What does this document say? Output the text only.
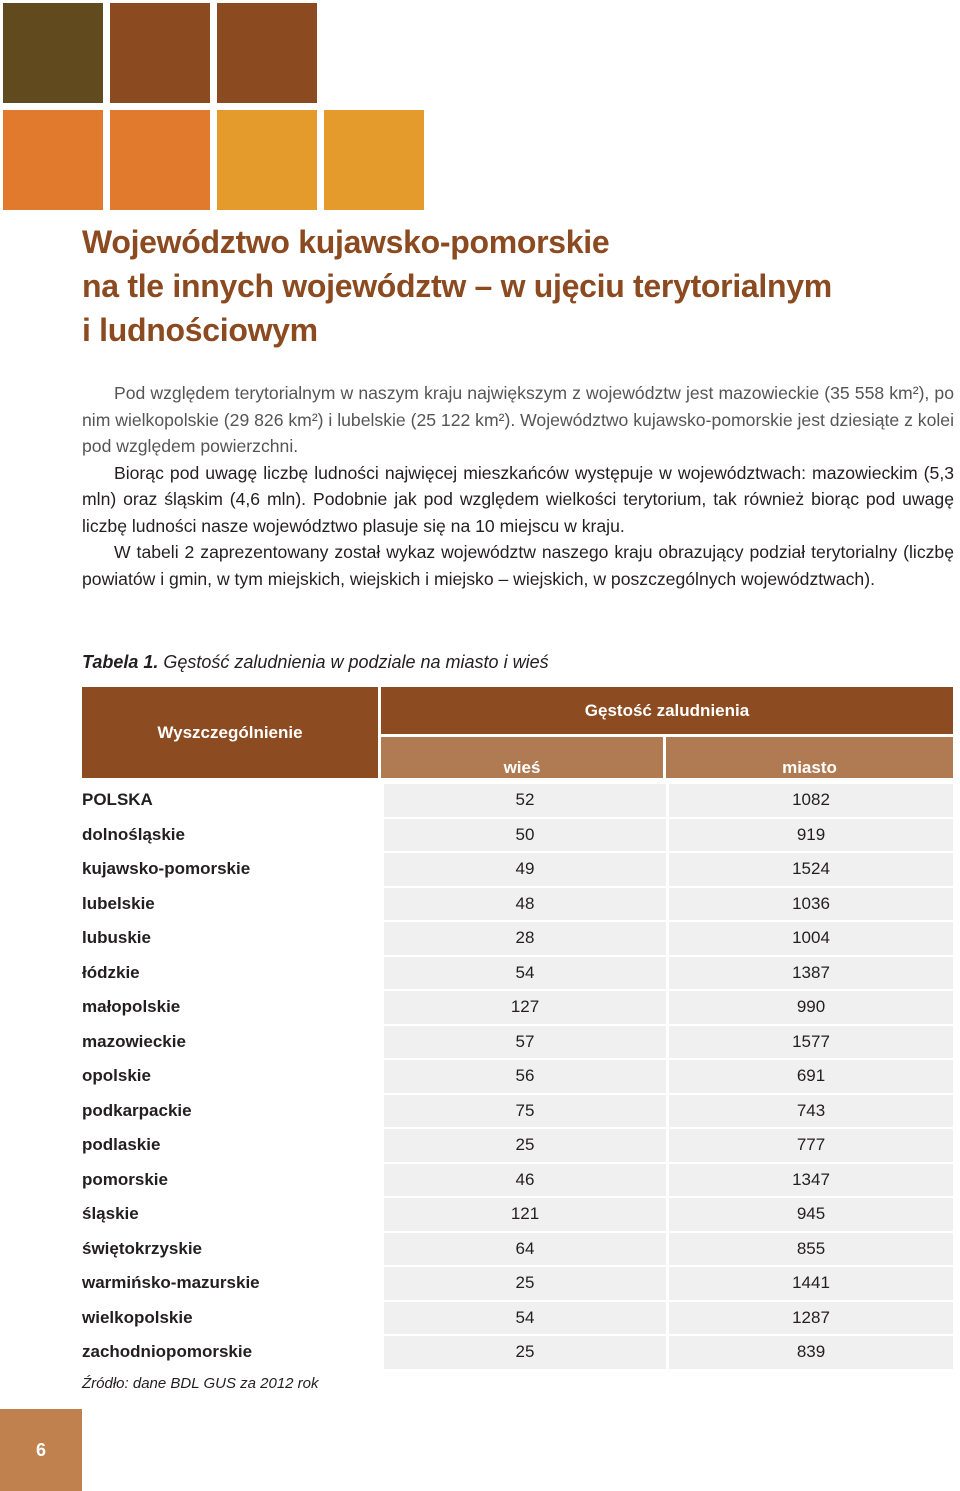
Województwo kujawsko-pomorskie
na tle innych województw – w ujęciu terytorialnym
i ludnościowym

Pod względem terytorialnym w naszym kraju największym z województw jest mazowieckie (35 558 km²), po nim wielkopolskie (29 826 km²) i lubelskie (25 122 km²). Województwo kujawsko-pomorskie jest dziesiąte z kolei pod względem powierzchni.

Biorąc pod uwagę liczbę ludności najwięcej mieszkańców występuje w województwach: mazowieckim (5,3 mln) oraz śląskim (4,6 mln). Podobnie jak pod względem wielkości terytorium, tak również biorąc pod uwagę liczbę ludności nasze województwo plasuje się na 10 miejscu w kraju.

W tabeli 2 zaprezentowany został wykaz województw naszego kraju obrazujący podział terytorialny (liczbę powiatów i gmin, w tym miejskich, wiejskich i miejsko – wiejskich, w poszczególnych województwach).

Tabela 1. Gęstość zaludnienia w podziale na miasto i wieś
Wyszczególnienie	Gęstość zaludnienia	
	wieś	miasto
POLSKA	52	1082
dolnośląskie	50	919
kujawsko-pomorskie	49	1524
lubelskie	48	1036
lubuskie	28	1004
łódzkie	54	1387
małopolskie	127	990
mazowieckie	57	1577
opolskie	56	691
podkarpackie	75	743
podlaskie	25	777
pomorskie	46	1347
śląskie	121	945
świętokrzyskie	64	855
warmińsko-mazurskie	25	1441
wielkopolskie	54	1287
zachodniopomorskie	25	839
Źródło: dane BDL GUS za 2012 rok
6
